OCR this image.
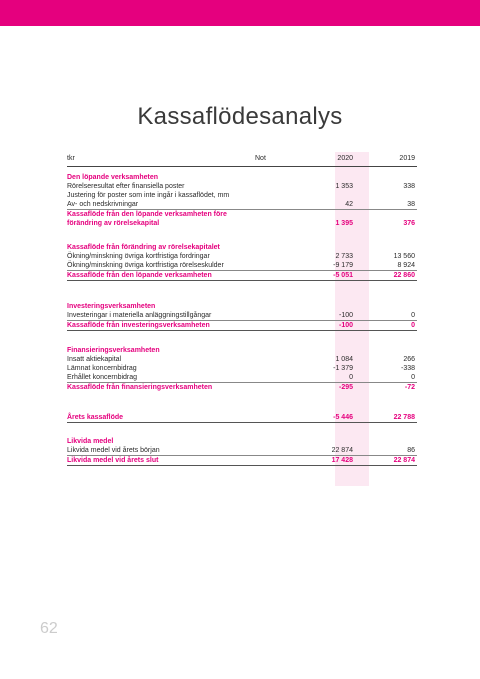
Kassaflödesanalys
tkr	Not	2020	2019
Den löpande verksamheten
Rörelseresultat efter finansiella poster	1 353	338
Justering för poster som inte ingår i kassaflödet, mm
Av- och nedskrivningar	42	38
Kassaflöde från den löpande verksamheten före
förändring av rörelsekapital	1 395	376
Kassaflöde från förändring av rörelsekapitalet
Ökning/minskning övriga kortfristiga fordringar	2 733	13 560
Ökning/minskning övriga kortfristiga rörelseskulder	-9 179	8 924
Kassaflöde från den löpande verksamheten	-5 051	22 860
Investeringsverksamheten
Investeringar i materiella anläggningstillgångar	-100	0
Kassaflöde från investeringsverksamheten	-100	0
Finansieringsverksamheten
Insatt aktiekapital	1 084	266
Lämnat koncernbidrag	-1 379	-338
Erhållet koncernbidrag	0	0
Kassaflöde från finansieringsverksamheten	-295	-72
Årets kassaflöde	-5 446	22 788
Likvida medel
Likvida medel vid årets början	22 874	86
Likvida medel vid årets slut	17 428	22 874
62
